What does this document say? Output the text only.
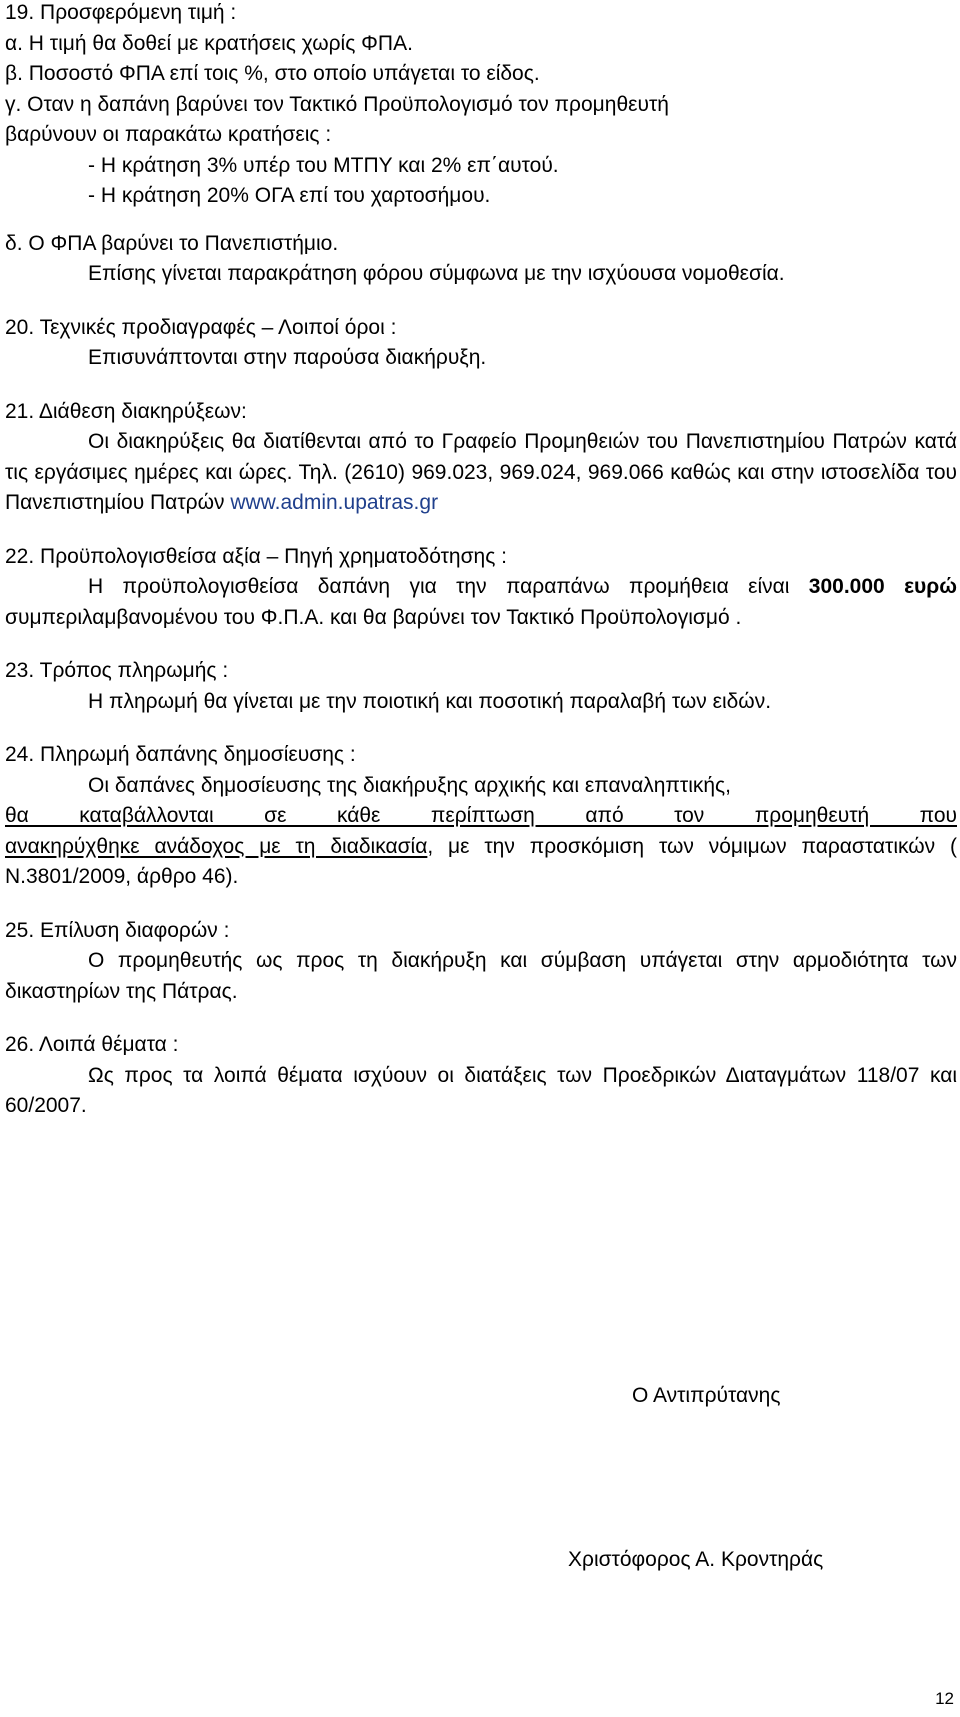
19. Προσφερόμενη τιμή :

α. Η τιμή θα δοθεί με κρατήσεις χωρίς ΦΠΑ.

β. Ποσοστό ΦΠΑ επί τοις %, στο οποίο υπάγεται το είδος.

γ. Οταν η δαπάνη βαρύνει τον Τακτικό Προϋπολογισμό τον προμηθευτή

βαρύνουν οι παρακάτω κρατήσεις :

- Η κράτηση 3% υπέρ του ΜΤΠΥ και 2% επ΄αυτού.

- Η κράτηση 20% ΟΓΑ επί του χαρτοσήμου.

δ. Ο ΦΠΑ βαρύνει το Πανεπιστήμιο.

Επίσης γίνεται παρακράτηση φόρου σύμφωνα με την ισχύουσα νομοθεσία.

20. Τεχνικές προδιαγραφές – Λοιποί όροι :

Επισυνάπτονται στην παρούσα διακήρυξη.

21. Διάθεση διακηρύξεων:

Οι διακηρύξεις θα διατίθενται από το Γραφείο Προμηθειών του Πανεπιστημίου Πατρών κατά τις εργάσιμες ημέρες και ώρες. Τηλ. (2610) 969.023, 969.024, 969.066 καθώς και στην ιστοσελίδα του Πανεπιστημίου Πατρών www.admin.upatras.gr

22. Προϋπολογισθείσα αξία – Πηγή χρηματοδότησης :

Η προϋπολογισθείσα δαπάνη για την παραπάνω προμήθεια είναι 300.000 ευρώ συμπεριλαμβανομένου του Φ.Π.Α. και θα βαρύνει τον Τακτικό Προϋπολογισμό .

23. Τρόπος πληρωμής :

Η πληρωμή θα γίνεται με την ποιοτική και ποσοτική παραλαβή των ειδών.

24. Πληρωμή δαπάνης δημοσίευσης :

Οι δαπάνες δημοσίευσης της διακήρυξης αρχικής και επαναληπτικής,

θα καταβάλλονται σε κάθε περίπτωση από τον προμηθευτή που
ανακηρύχθηκε ανάδοχος με τη διαδικασία, με την προσκόμιση των νόμιμων παραστατικών ( Ν.3801/2009, άρθρο 46).

25. Επίλυση διαφορών :

Ο προμηθευτής ως προς τη διακήρυξη και σύμβαση υπάγεται στην αρμοδιότητα των δικαστηρίων της Πάτρας.

26. Λοιπά θέματα :

Ως προς τα λοιπά θέματα ισχύουν οι διατάξεις των Προεδρικών Διαταγμάτων 118/07 και 60/2007.

Ο Αντιπρύτανης
Χριστόφορος Α. Κροντηράς
12
